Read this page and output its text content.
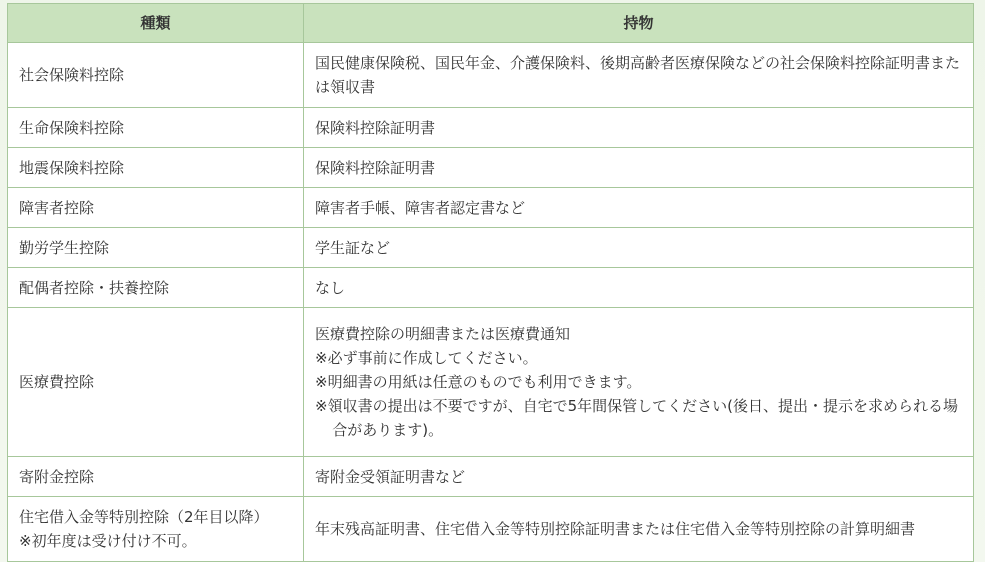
種類	持物

社会保険料控除	国民健康保険税、国民年金、介護保険料、後期高齢者医療保険などの社会保険料控除証明書または領収書

生命保険料控除	保険料控除証明書

地震保険料控除	保険料控除証明書

障害者控除	障害者手帳、障害者認定書など

勤労学生控除	学生証など

配偶者控除・扶養控除	なし

医療費控除	医療費控除の明細書または医療費通知
※必ず事前に作成してください。
※明細書の用紙は任意のものでも利用できます。
※領収書の提出は不要ですが、自宅で5年間保管してください(後日、提出・提示を求められる場合があります)。

寄附金控除	寄附金受領証明書など

住宅借入金等特別控除（2年目以降）
※初年度は受け付け不可。	年末残高証明書、住宅借入金等特別控除証明書または住宅借入金等特別控除の計算明細書
